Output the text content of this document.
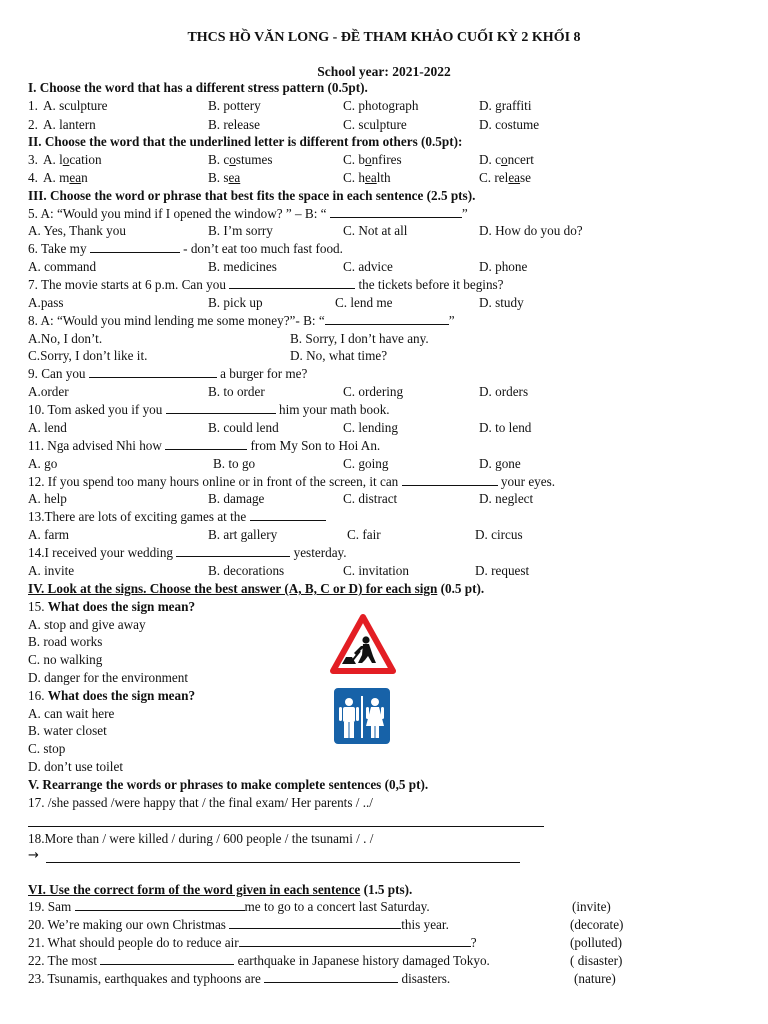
THCS HỒ VĂN LONG - ĐỀ THAM KHẢO CUỐI KỲ 2 KHỐI 8
School year: 2021-2022
I. Choose the word that has a different stress pattern (0.5pt).
1. A. sculpture	B. pottery	C. photograph	D. graffiti
2. A. lantern	B. release	C. sculpture	D. costume
II. Choose the word that the underlined letter is different from others (0.5pt):
3. A. location	B. costumes	C. bonfires	D. concert
4. A. mean	B. sea	C. health	C. release
III. Choose the word or phrase that best fits the space in each sentence (2.5 pts).
5. A: “Would you mind if I opened the window? ” – B: “	”
A. Yes, Thank you	B. I’m sorry	C. Not at all	D. How do you do?
6. Take my	- don’t eat too much fast food.
A. command	B. medicines	C. advice	D. phone
7. The movie starts at 6 p.m. Can you	the tickets before it begins?
A.pass	B. pick up	C. lend me	D. study
8. A: “Would you mind lending me some money?”- B: “	”
A.No, I don’t.	B. Sorry, I don’t have any.
C.Sorry, I don’t like it.	D. No, what time?
9. Can you	a burger for me?
A.order	B. to order	C. ordering	D. orders
10. Tom asked you if you	him your math book.
A. lend	B. could lend	C. lending	D. to lend
11. Nga advised Nhi how	from My Son to Hoi An.
A. go	B. to go	C. going	D. gone
12. If you spend too many hours online or in front of the screen, it can	your eyes.
A. help	B. damage	C. distract	D. neglect
13.There are lots of exciting games at the
A. farm	B. art gallery	C. fair	D. circus
14.I received your wedding	yesterday.
A. invite	B. decorations	C. invitation	D. request
IV. Look at the signs. Choose the best answer (A, B, C or D) for each sign (0.5 pt).
15. What does the sign mean?
A. stop and give away
B. road works
C. no walking
D. danger for the environment
16. What does the sign mean?
A. can wait here
B. water closet
C. stop
D. don’t use toilet
V. Rearrange the words or phrases to make complete sentences (0,5 pt).
17. /she passed /were happy that / the final exam/ Her parents / ../
18.More than / were killed / during / 600 people / the tsunami / . /
→
VI. Use the correct form of the word given in each sentence (1.5 pts).
19. Sam	me to go to a concert last Saturday.	(invite)
20. We’re making our own Christmas	this year.	(decorate)
21. What should people do to reduce air	?	(polluted)
22. The most	earthquake in Japanese history damaged Tokyo.	( disaster)
23. Tsunamis, earthquakes and typhoons are	disasters.	(nature)
